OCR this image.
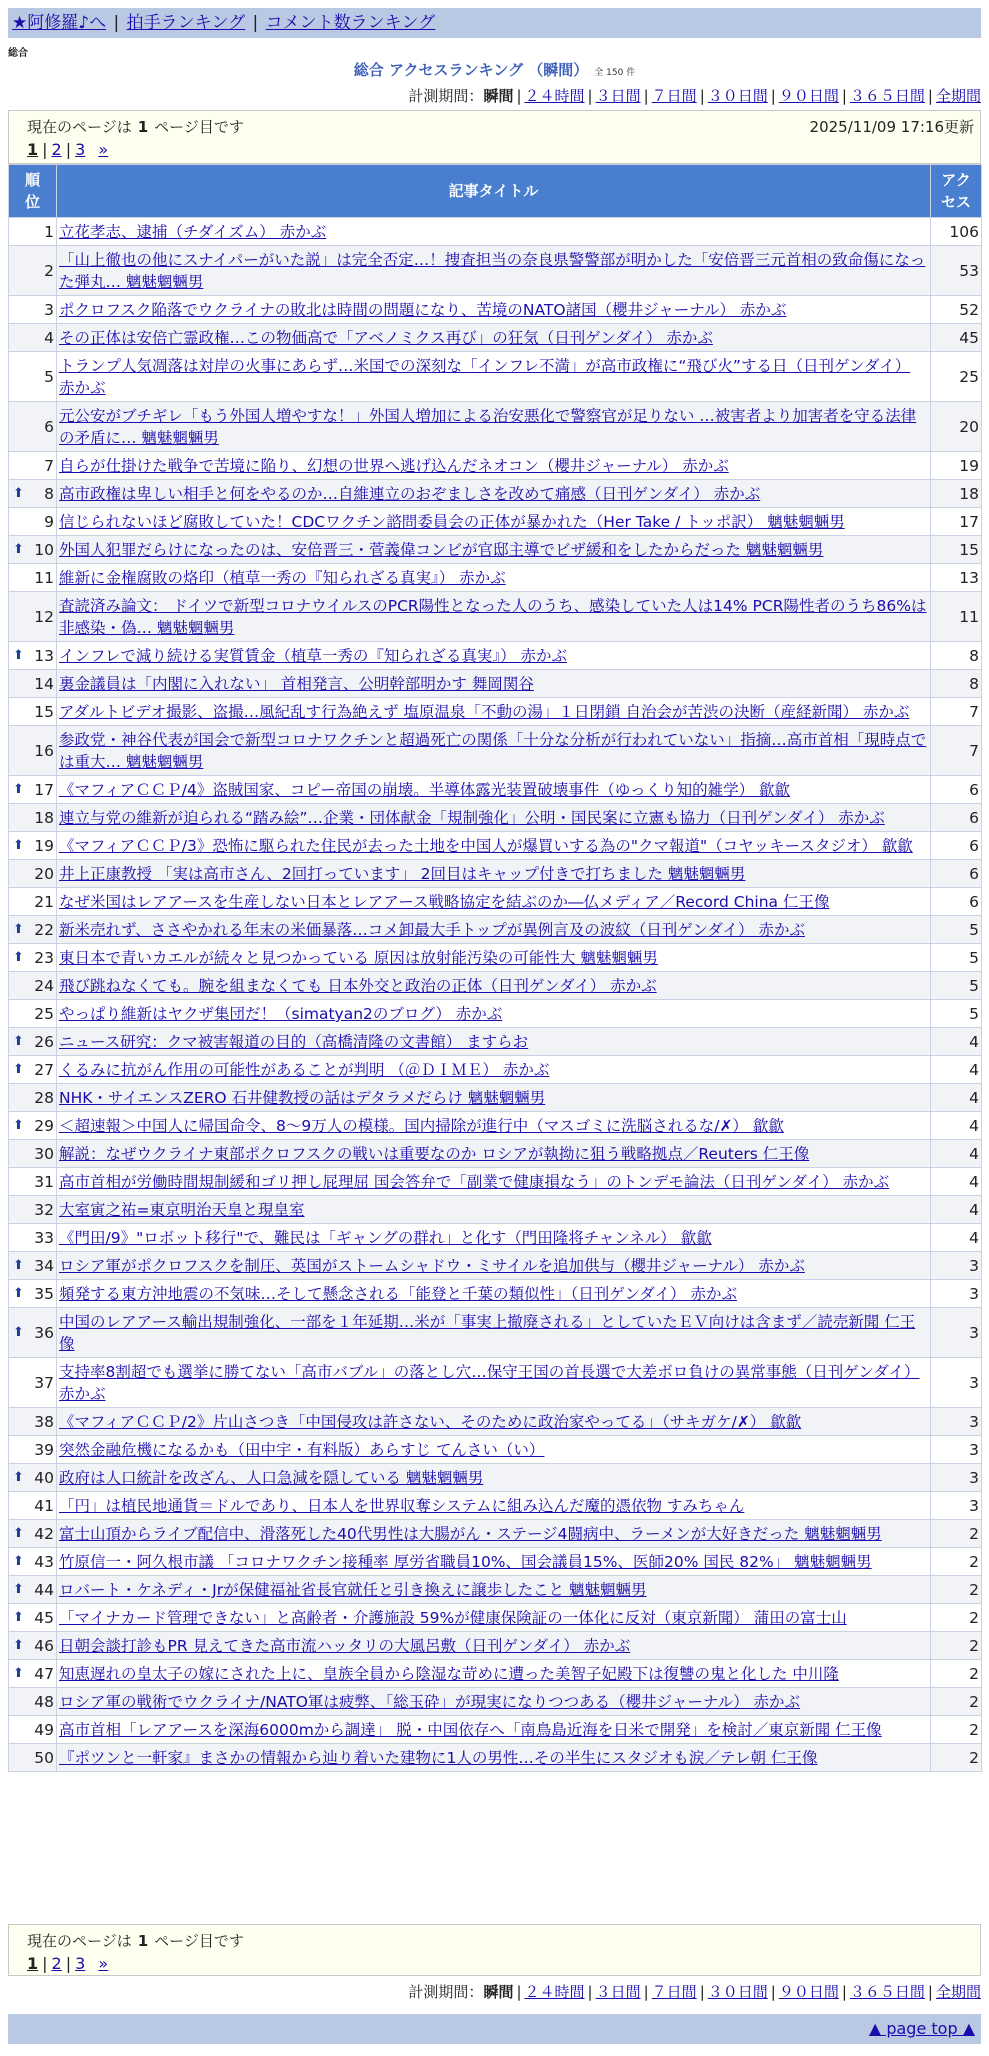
★阿修羅♪へ | 拍手ランキング | コメント数ランキング
総合
総合 アクセスランキング （瞬間） 全 150 件
計測期間：瞬間 | ２４時間 | ３日間 | ７日間 | ３０日間 | ９０日間 | ３６５日間 | 全期間
現在のページは 1 ページ目です	2025/11/09 17:16更新
1 | 2 | 3 »
順位	記事タイトル	アクセス
1	立花孝志、逮捕（チダイズム） 赤かぶ	106
2	「山上徹也の他にスナイパーがいた説」は完全否定…！捜査担当の奈良県警警部が明かした「安倍晋三元首相の致命傷になった弾丸… 魑魅魍魎男	53
3	ポクロフスク陥落でウクライナの敗北は時間の問題になり、苦境のNATO諸国（櫻井ジャーナル） 赤かぶ	52
4	その正体は安倍亡霊政権…この物価高で「アベノミクス再び」の狂気（日刊ゲンダイ） 赤かぶ	45
5	トランプ人気凋落は対岸の火事にあらず…米国での深刻な「インフレ不満」が高市政権に“飛び火”する日（日刊ゲンダイ） 赤かぶ	25
6	元公安がブチギレ「もう外国人増やすな！」外国人増加による治安悪化で警察官が足りない …被害者より加害者を守る法律の矛盾に… 魑魅魍魎男	20
7	自らが仕掛けた戦争で苦境に陥り、幻想の世界へ逃げ込んだネオコン（櫻井ジャーナル） 赤かぶ	19

⬆ 8	高市政権は卑しい相手と何をやるのか…自維連立のおぞましさを改めて痛感（日刊ゲンダイ） 赤かぶ	18
9	信じられないほど腐敗していた！CDCワクチン諮問委員会の正体が暴かれた（Her Take / トッポ訳） 魑魅魍魎男	17

⬆ 10	外国人犯罪だらけになったのは、安倍晋三・菅義偉コンビが官邸主導でビザ緩和をしたからだった 魑魅魍魎男	15
11	維新に金権腐敗の烙印（植草一秀の『知られざる真実』） 赤かぶ	13
12	査読済み論文： ドイツで新型コロナウイルスのPCR陽性となった人のうち、感染していた人は14% PCR陽性者のうち86%は非感染・偽… 魑魅魍魎男	11

⬆ 13	インフレで減り続ける実質賃金（植草一秀の『知られざる真実』） 赤かぶ	8
14	裏金議員は「内閣に入れない」 首相発言、公明幹部明かす 舞岡関谷	8
15	アダルトビデオ撮影、盗撮…風紀乱す行為絶えず 塩原温泉「不動の湯」１日閉鎖 自治会が苦渋の決断（産経新聞） 赤かぶ	7
16	参政党・神谷代表が国会で新型コロナワクチンと超過死亡の関係「十分な分析が行われていない」指摘…高市首相「現時点では重大… 魑魅魍魎男	7

⬆ 17	《マフィアＣＣＰ/4》盗賊国家、コピー帝国の崩壊。半導体露光装置破壊事件（ゆっくり知的雑学） 歙歙	6
18	連立与党の維新が迫られる“踏み絵”…企業・団体献金「規制強化」公明・国民案に立憲も協力（日刊ゲンダイ） 赤かぶ	6

⬆ 19	《マフィアＣＣＰ/3》恐怖に駆られた住民が去った土地を中国人が爆買いする為の"クマ報道"（コヤッキースタジオ） 歙歙	6
20	井上正康教授 「実は高市さん、2回打っています」 2回目はキャップ付きで打ちました 魑魅魍魎男	6
21	なぜ米国はレアアースを生産しない日本とレアアース戦略協定を結ぶのか―仏メディア／Record China 仁王像	6

⬆ 22	新米売れず、ささやかれる年末の米価暴落…コメ卸最大手トップが異例言及の波紋（日刊ゲンダイ） 赤かぶ	5

⬆ 23	東日本で青いカエルが続々と見つかっている 原因は放射能汚染の可能性大 魑魅魍魎男	5
24	飛び跳ねなくても。腕を組まなくても 日本外交と政治の正体（日刊ゲンダイ） 赤かぶ	5
25	やっぱり維新はヤクザ集団だ！（simatyan2のブログ） 赤かぶ	5

⬆ 26	ニュース研究：クマ被害報道の目的（高橋清隆の文書館） ますらお	4

⬆ 27	くるみに抗がん作用の可能性があることが判明 （＠ＤＩＭＥ） 赤かぶ	4
28	NHK・サイエンスZERO 石井健教授の話はデタラメだらけ 魑魅魍魎男	4

⬆ 29	＜超速報＞中国人に帰国命令、8～9万人の模様。国内掃除が進行中（マスゴミに洗脳されるな/✗） 歙歙	4
30	解説：なぜウクライナ東部ポクロフスクの戦いは重要なのか ロシアが執拗に狙う戦略拠点／Reuters 仁王像	4
31	高市首相が労働時間規制緩和ゴリ押し屁理屈 国会答弁で「副業で健康損なう」のトンデモ論法（日刊ゲンダイ） 赤かぶ	4
32	大室寅之祐=東京明治天皇と現皇室	4
33	《門田/9》"ロボット移行"で、難民は「ギャングの群れ」と化す（門田隆将チャンネル） 歙歙	4

⬆ 34	ロシア軍がポクロフスクを制圧、英国がストームシャドウ・ミサイルを追加供与（櫻井ジャーナル） 赤かぶ	3

⬆ 35	頻発する東方沖地震の不気味…そして懸念される「能登と千葉の類似性」（日刊ゲンダイ） 赤かぶ	3

⬆ 36	中国のレアアース輸出規制強化、一部を１年延期…米が「事実上撤廃される」としていたＥＶ向けは含まず／読売新聞 仁王像	3
37	支持率8割超でも選挙に勝てない「高市バブル」の落とし穴…保守王国の首長選で大差ボロ負けの異常事態（日刊ゲンダイ） 赤かぶ	3
38	《マフィアＣＣＰ/2》片山さつき「中国侵攻は許さない、そのために政治家やってる」（サキガケ/✗） 歙歙	3
39	突然金融危機になるかも（田中宇・有料版）あらすじ てんさい（い）	3

⬆ 40	政府は人口統計を改ざん、人口急減を隠している 魑魅魍魎男	3
41	「円」は植民地通貨＝ドルであり、日本人を世界収奪システムに組み込んだ魔的憑依物 すみちゃん	3

⬆ 42	富士山頂からライブ配信中、滑落死した40代男性は大腸がん・ステージ4闘病中、ラーメンが大好きだった 魑魅魍魎男	2

⬆ 43	竹原信一・阿久根市議 「コロナワクチン接種率 厚労省職員10%、国会議員15%、医師20% 国民 82%」 魑魅魍魎男	2

⬆ 44	ロバート・ケネディ・Jrが保健福祉省長官就任と引き換えに譲歩したこと 魑魅魍魎男	2

⬆ 45	「マイナカード管理できない」と高齢者・介護施設 59%が健康保険証の一体化に反対（東京新聞） 蒲田の富士山	2

⬆ 46	日朝会談打診もPR 見えてきた高市流ハッタリの大風呂敷（日刊ゲンダイ） 赤かぶ	2

⬆ 47	知恵遅れの皇太子の嫁にされた上に、皇族全員から陰湿な苛めに遭った美智子妃殿下は復讐の鬼と化した 中川隆	2
48	ロシア軍の戦術でウクライナ/NATO軍は疲弊、「総玉砕」が現実になりつつある（櫻井ジャーナル） 赤かぶ	2
49	高市首相「レアアースを深海6000mから調達」 脱・中国依存へ「南鳥島近海を日米で開発」を検討／東京新聞 仁王像	2
50	『ポツンと一軒家』まさかの情報から辿り着いた建物に1人の男性…その半生にスタジオも涙／テレ朝 仁王像	2
現在のページは 1 ページ目です
1 | 2 | 3 »
計測期間：瞬間 | ２４時間 | ３日間 | ７日間 | ３０日間 | ９０日間 | ３６５日間 | 全期間
▲ page top ▲
